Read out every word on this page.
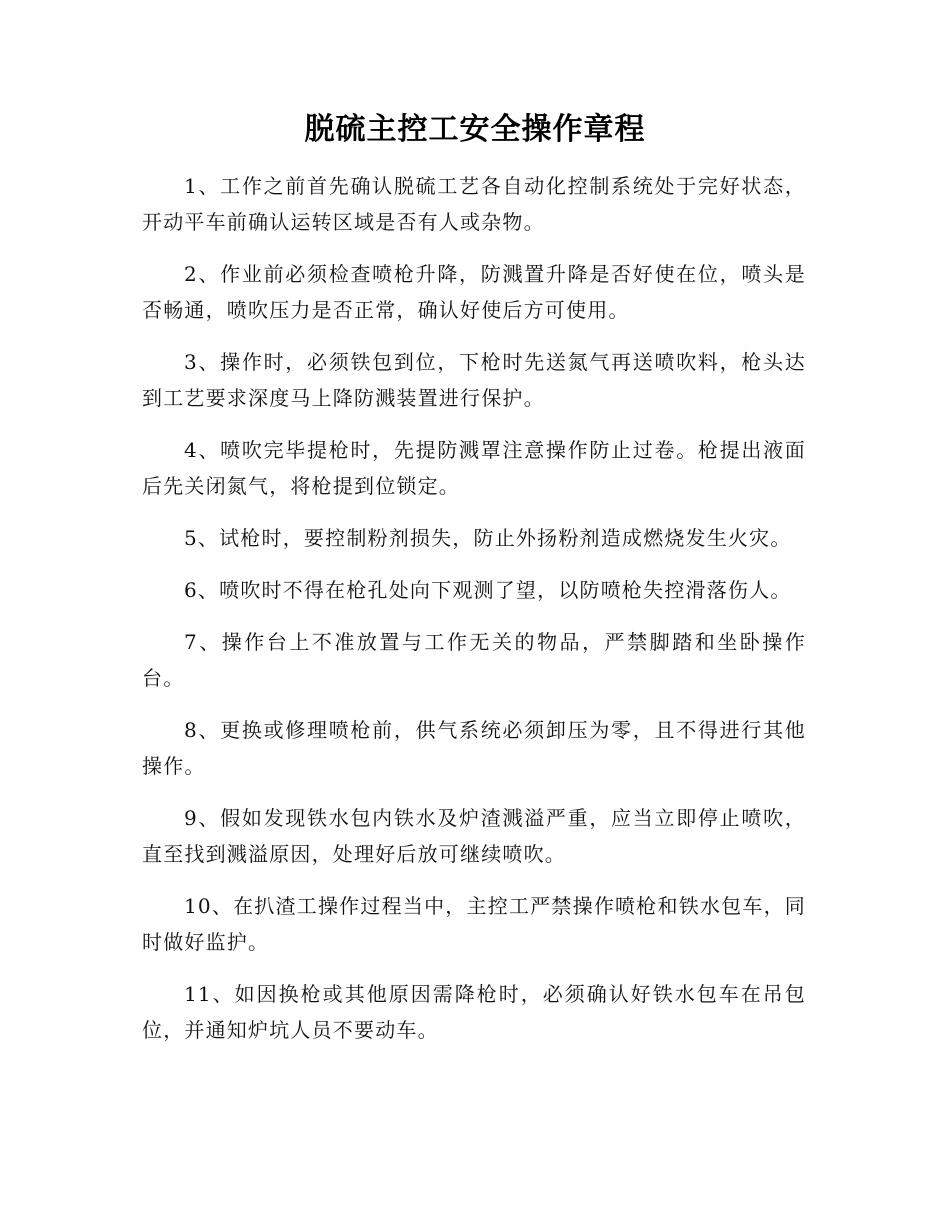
脱硫主控工安全操作章程

1、工作之前首先确认脱硫工艺各自动化控制系统处于完好状态，开动平车前确认运转区域是否有人或杂物。

2、作业前必须检查喷枪升降，防溅置升降是否好使在位，喷头是否畅通，喷吹压力是否正常，确认好使后方可使用。

3、操作时，必须铁包到位，下枪时先送氮气再送喷吹料，枪头达到工艺要求深度马上降防溅装置进行保护。

4、喷吹完毕提枪时，先提防溅罩注意操作防止过卷。枪提出液面后先关闭氮气，将枪提到位锁定。

5、试枪时，要控制粉剂损失，防止外扬粉剂造成燃烧发生火灾。

6、喷吹时不得在枪孔处向下观测了望，以防喷枪失控滑落伤人。

7、操作台上不准放置与工作无关的物品，严禁脚踏和坐卧操作台。

8、更换或修理喷枪前，供气系统必须卸压为零，且不得进行其他操作。

9、假如发现铁水包内铁水及炉渣溅溢严重，应当立即停止喷吹，直至找到溅溢原因，处理好后放可继续喷吹。

10、在扒渣工操作过程当中，主控工严禁操作喷枪和铁水包车，同时做好监护。

11、如因换枪或其他原因需降枪时，必须确认好铁水包车在吊包位，并通知炉坑人员不要动车。
